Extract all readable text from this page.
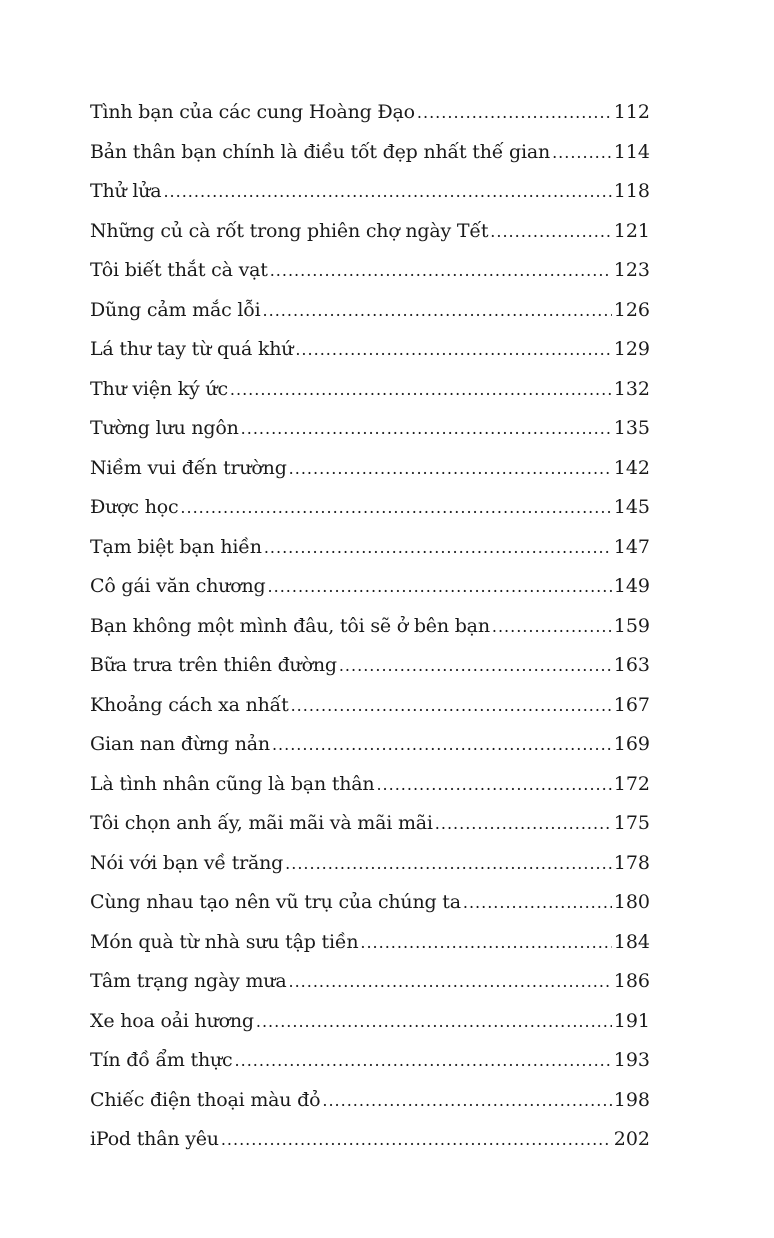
Tình bạn của các cung Hoàng Đạo .....	112
Bản thân bạn chính là điều tốt đẹp nhất thế gian .....	114
Thử lửa .....	118
Những củ cà rốt trong phiên chợ ngày Tết .....	121
Tôi biết thắt cà vạt .....	123
Dũng cảm mắc lỗi .....	126
Lá thư tay từ quá khứ .....	129
Thư viện ký ức .....	132
Tường lưu ngôn .....	135
Niềm vui đến trường .....	142
Được học .....	145
Tạm biệt bạn hiền .....	147
Cô gái văn chương .....	149
Bạn không một mình đâu, tôi sẽ ở bên bạn .....	159
Bữa trưa trên thiên đường .....	163
Khoảng cách xa nhất .....	167
Gian nan đừng nản .....	169
Là tình nhân cũng là bạn thân .....	172
Tôi chọn anh ấy, mãi mãi và mãi mãi .....	175
Nói với bạn về trăng .....	178
Cùng nhau tạo nên vũ trụ của chúng ta .....	180
Món quà từ nhà sưu tập tiền .....	184
Tâm trạng ngày mưa .....	186
Xe hoa oải hương .....	191
Tín đồ ẩm thực .....	193
Chiếc điện thoại màu đỏ .....	198
iPod thân yêu .....	202
